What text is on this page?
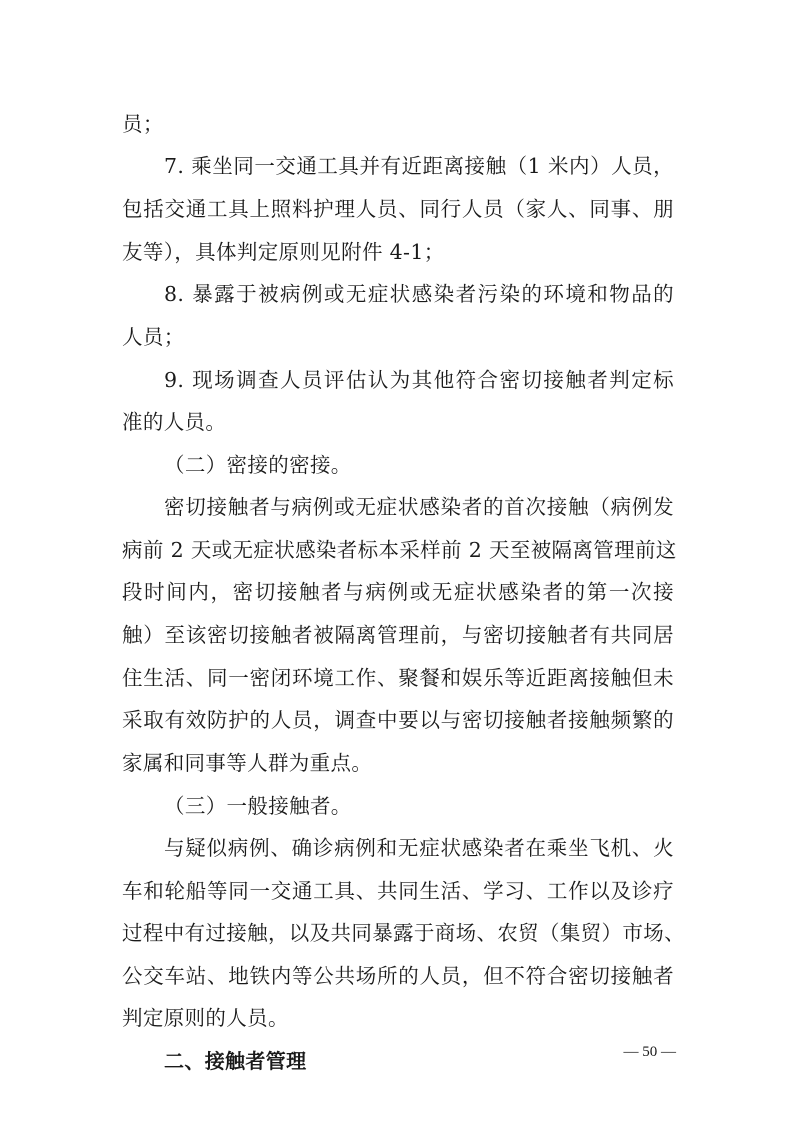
员；
7. 乘坐同一交通工具并有近距离接触（1 米内）人员，
包括交通工具上照料护理人员、同行人员（家人、同事、朋
友等），具体判定原则见附件 4-1；
8. 暴露于被病例或无症状感染者污染的环境和物品的
人员；
9. 现场调查人员评估认为其他符合密切接触者判定标
准的人员。
（二）密接的密接。
密切接触者与病例或无症状感染者的首次接触（病例发
病前 2 天或无症状感染者标本采样前 2 天至被隔离管理前这
段时间内，密切接触者与病例或无症状感染者的第一次接
触）至该密切接触者被隔离管理前，与密切接触者有共同居
住生活、同一密闭环境工作、聚餐和娱乐等近距离接触但未
采取有效防护的人员，调查中要以与密切接触者接触频繁的
家属和同事等人群为重点。
（三）一般接触者。
与疑似病例、确诊病例和无症状感染者在乘坐飞机、火
车和轮船等同一交通工具、共同生活、学习、工作以及诊疗
过程中有过接触，以及共同暴露于商场、农贸（集贸）市场、
公交车站、地铁内等公共场所的人员，但不符合密切接触者
判定原则的人员。
二、接触者管理	— 50 —
